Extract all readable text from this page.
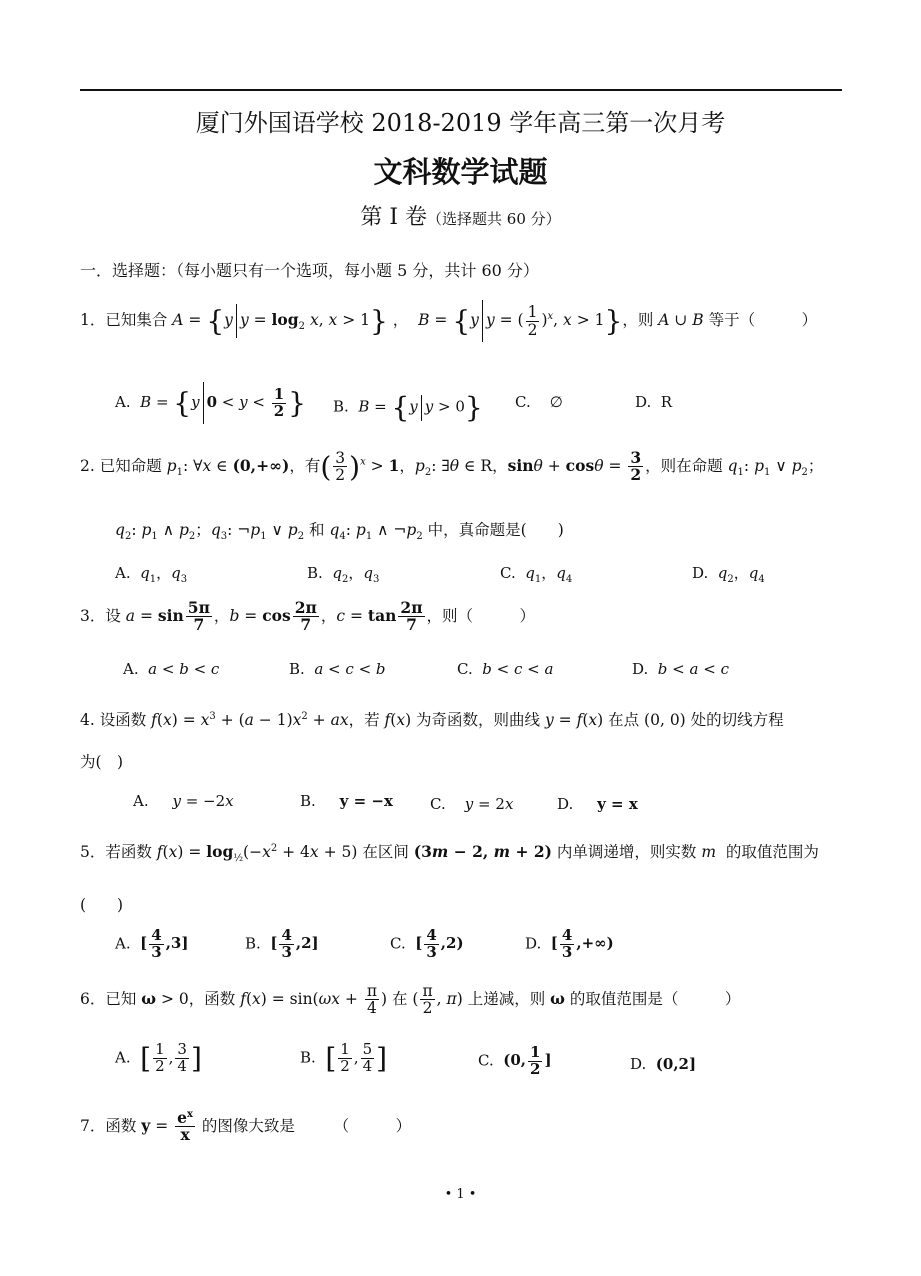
厦门外国语学校 2018-2019 学年高三第一次月考
文科数学试题
第 I 卷（选择题共 60 分）
一．选择题：（每小题只有一个选项，每小题 5 分，共计 60 分）
1．已知集合 A = {y $y = \log_2 x$, x > 1} ，  B = {y y = ( $\frac{1}{2} )^x$, x > 1}，则 A ∪ B 等于（　　　）
A.  B = {y $0 < y < \frac{1}{2}$ } B.  B = {y y > 0} C.    ∅	D.  R
2. 已知命题 $p_1$: ∀x ∈ (0,+∞)，有( $\frac{3}{2} )^x > 1$，$p_2$: ∃θ ∈ R，$\sin\theta + \cos\theta = \frac{3}{2}$ ，则在命题 $q_1$: $p_1$ ∨ $p_2$；
$q_2$: $p_1$ ∧ $p_2$；$q_3$: $\neg p_1$ ∨ $p_2$ 和 $q_4$: $p_1$ ∧ $\neg p_2$ 中，真命题是(　　)
A.  $q_1$，$q_3$	B.  $q_2$，$q_3$	C.  $q_1$，$q_4$	D.  $q_2$，$q_4$
3．设 $a = \sin \frac{5\pi}{7}$ ，$b = \cos \frac{2\pi}{7}$ ，$c = \tan \frac{2\pi}{7}$ ，则（　　　）
A.  a < b < c	B.  a < c < b	C.  b < c < a	D.  b < a < c
4. 设函数 $f(x) = x^3 + (a - 1)x^2$ + ax，若 f(x) 为奇函数，则曲线 y = f(x) 在点 (0, 0) 处的切线方程
为(　)
A.     y = −2x	B.     y = −x C.    y = 2x	D.     y = x
5．若函数 $f(x) = \log_{\frac{1}{2}}(-x^2 + 4x + 5)$ 在区间 (3m − 2, m + 2) 内单调递增，则实数 m  的取值范围为
(　　)
A.  [ $\frac{4}{3} ,3$]	B.  [ $\frac{4}{3} ,2$]	C.  [ $\frac{4}{3} ,2$)	D.  [ $\frac{4}{3}$ ,+∞)
6．已知 ω > 0，函数 $f(x) = \sin(\omega x + \frac{\pi}{4}$ ) 在 ( $\frac{\pi}{2}$ , π) 上递减，则 ω 的取值范围是（　　　）
A.  [ $\frac{1}{2}$ , $\frac{3}{4}$ ]	B.  [ $\frac{1}{2}$ , $\frac{5}{4}$ ]	C.  (0, $\frac{1}{2}$ ]	D.  (0,2]
7．函数 $y = \frac{e^x}{x}$ 的图像大致是　　　（　　　）
• 1 •
